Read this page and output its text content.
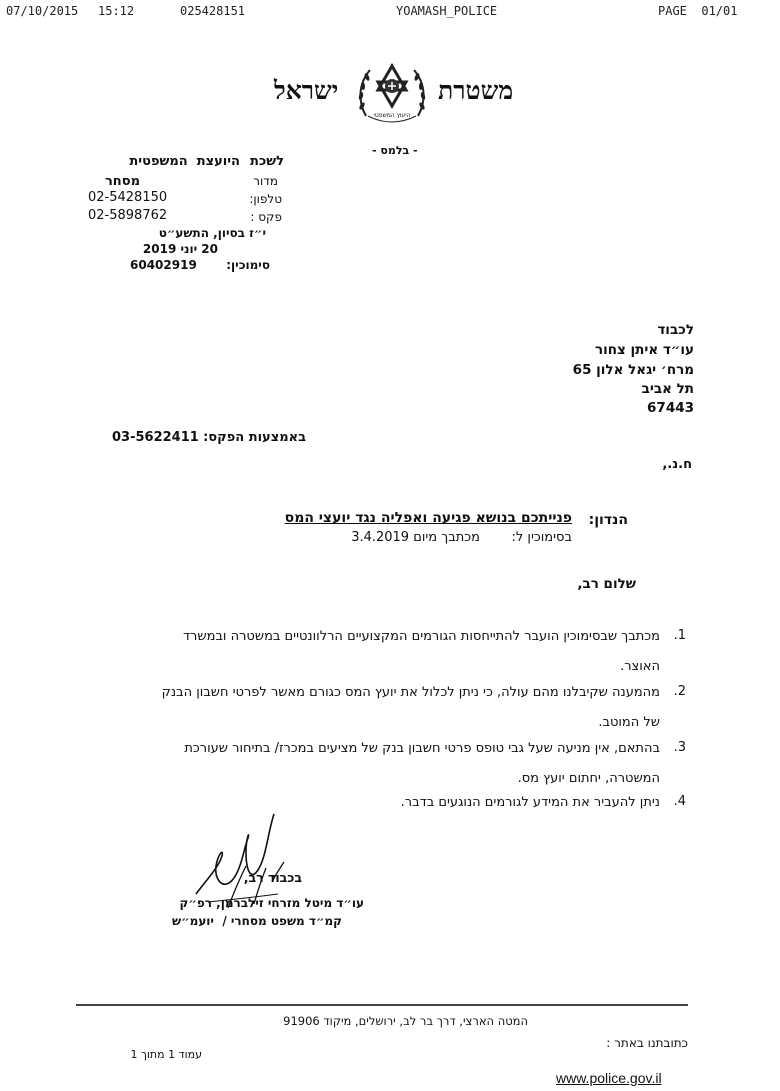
07/10/2015 15:12	025428151	YOAMASH_POLICE	PAGE  01/01
משטרת
ישראל
היעוץ המשפטי
- בלמס -
לשכת
היועצת  המשפטית
מדור
מסחר
טלפון:
02-5428150
פקס :
02-5898762
י״ז בסיון, התשע״ט
20 יוני 2019
סימוכין:
60402919
לכבוד
עו״ד איתן צחור
מרח׳ יגאל אלון 65
תל אביב
67443
באמצעות הפקס:
03-5622411
ח.נ.,
הנדון:
פנייתכם בנושא פגיעה ואפליה נגד יועצי המס
בסימוכין ל:
מכתבך מיום 3.4.2019
שלום רב,
.1
מכתבך שבסימוכין הועבר להתייחסות הגורמים המקצועיים הרלוונטיים במשטרה ובמשרד
האוצר.
.2
מהמענה שקיבלנו מהם עולה, כי ניתן לכלול את יועץ המס כגורם מאשר לפרטי חשבון הבנק
של המוטב.
.3
בהתאם, אין מניעה שעל גבי טופס פרטי חשבון בנק של מציעים במכרז/ בתיחור שעורכת
המשטרה, יחתום יועץ מס.
.4
ניתן להעביר את המידע לגורמים הנוגעים בדבר.
בכבוד רב,
עו״ד מיטל מזרחי זילברמן, רפ״ק
קמ״ד משפט מסחרי /  יועמ״ש
המטה הארצי, דרך בר לב, ירושלים, מיקוד 91906
כתובתנו באתר :
עמוד 1 מתוך 1
www.police.gov.il
